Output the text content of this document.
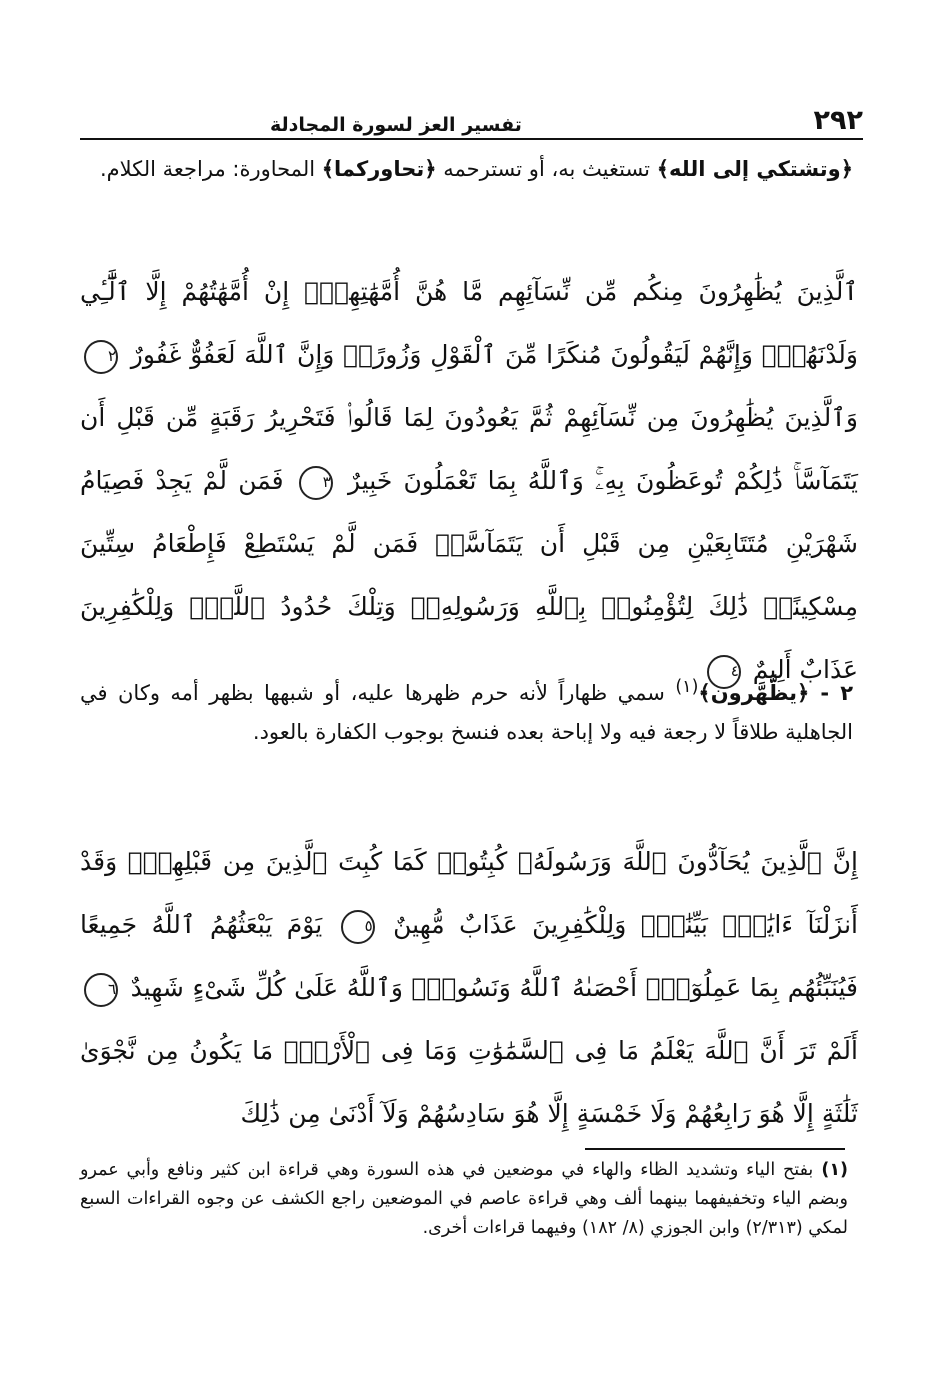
٢٩٢
تفسير العز لسورة المجادلة
﴿وتشتكي إلى الله﴾ تستغيث به، أو تسترحمه ﴿تحاوركما﴾ المحاورة: مراجعة الكلام.
ٱلَّذِينَ يُظَٰهِرُونَ مِنكُم مِّن نِّسَآئِهِم مَّا هُنَّ أُمَّهَٰتِهِمْۖ إِنْ أُمَّهَٰتُهُمْ إِلَّا ٱلَّٰٓـِٔي وَلَدْنَهُمْۚ وَإِنَّهُمْ لَيَقُولُونَ مُنكَرًا مِّنَ ٱلْقَوْلِ وَزُورًاۚ وَإِنَّ ٱللَّهَ لَعَفُوٌّ غَفُورٌ ٢ وَٱلَّذِينَ يُظَٰهِرُونَ مِن نِّسَآئِهِمْ ثُمَّ يَعُودُونَ لِمَا قَالُوا۟ فَتَحْرِيرُ رَقَبَةٍ مِّن قَبْلِ أَن يَتَمَآسَّاۚ ذَٰلِكُمْ تُوعَظُونَ بِهِۦۚ وَٱللَّهُ بِمَا تَعْمَلُونَ خَبِيرٌ ٣ فَمَن لَّمْ يَجِدْ فَصِيَامُ شَهْرَيْنِ مُتَتَابِعَيْنِ مِن قَبْلِ أَن يَتَمَآسَّاۖ فَمَن لَّمْ يَسْتَطِعْ فَإِطْعَامُ سِتِّينَ مِسْكِينًاۚ ذَٰلِكَ لِتُؤْمِنُوا۟ بِٱللَّهِ وَرَسُولِهِۦۚ وَتِلْكَ حُدُودُ ٱللَّهِۗ وَلِلْكَٰفِرِينَ عَذَابٌ أَلِيمٌ ٤
٢ - ﴿يظَّهَّرون﴾$^{(١)}$ سمي ظهاراً لأنه حرم ظهرها عليه، أو شبهها بظهر أمه وكان في الجاهلية طلاقاً لا رجعة فيه ولا إباحة بعده فنسخ بوجوب الكفارة بالعود.
إِنَّ ٱلَّذِينَ يُحَآدُّونَ ٱللَّهَ وَرَسُولَهُۥ كُبِتُوا۟ كَمَا كُبِتَ ٱلَّذِينَ مِن قَبْلِهِمْۚ وَقَدْ أَنزَلْنَآ ءَايَٰتٍۭ بَيِّنَٰتٍۚ وَلِلْكَٰفِرِينَ عَذَابٌ مُّهِينٌ ٥ يَوْمَ يَبْعَثُهُمُ ٱللَّهُ جَمِيعًا فَيُنَبِّئُهُم بِمَا عَمِلُوٓا۟ۚ أَحْصَىٰهُ ٱللَّهُ وَنَسُوهُۚ وَٱللَّهُ عَلَىٰ كُلِّ شَىْءٍ شَهِيدٌ ٦ أَلَمْ تَرَ أَنَّ ٱللَّهَ يَعْلَمُ مَا فِى ٱلسَّمَٰوَٰتِ وَمَا فِى ٱلْأَرْضِۖ مَا يَكُونُ مِن نَّجْوَىٰ ثَلَٰثَةٍ إِلَّا هُوَ رَابِعُهُمْ وَلَا خَمْسَةٍ إِلَّا هُوَ سَادِسُهُمْ وَلَآ أَدْنَىٰ مِن ذَٰلِكَ
(١)بفتح الياء وتشديد الظاء والهاء في موضعين في هذه السورة وهي قراءة ابن كثير ونافع وأبي عمرو وبضم الياء وتخفيفهما بينهما ألف وهي قراءة عاصم في الموضعين راجع الكشف عن وجوه القراءات السبع لمكي (٢/٣١٣) وابن الجوزي (٨/ ١٨٢) وفيهما قراءات أخرى.
